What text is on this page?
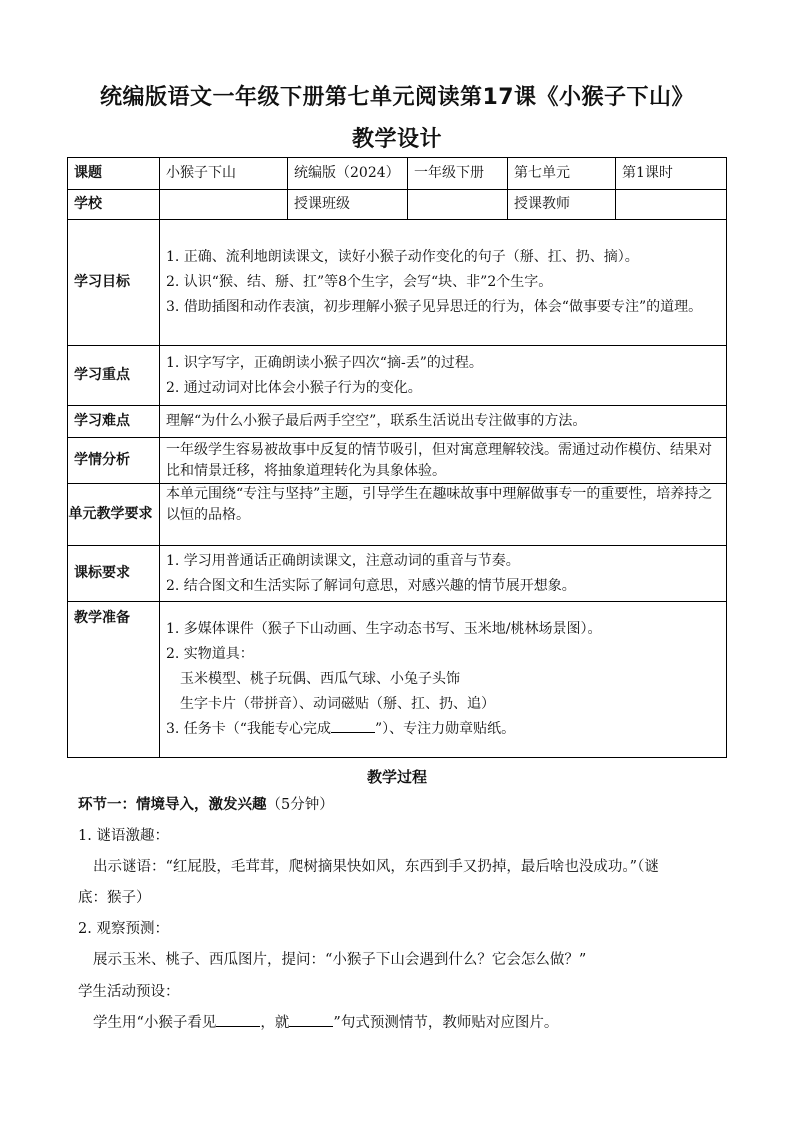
统编版语文一年级下册第七单元阅读第17课《小猴子下山》
教学设计
课题	小猴子下山	统编版（2024）	一年级下册	第七单元	第1课时
学校		授课班级		授课教师	
学习目标	1. 正确、流利地朗读课文，读好小猴子动作变化的句子（掰、扛、扔、摘）。
2. 认识“猴、结、掰、扛”等8个生字，会写“块、非”2个生字。
3. 借助插图和动作表演，初步理解小猴子见异思迁的行为，体会“做事要专注”的道理。				

学习重点	1. 识字写字，正确朗读小猴子四次“摘-丢”的过程。
2. 通过动词对比体会小猴子行为的变化。				

学习难点	理解“为什么小猴子最后两手空空”，联系生活说出专注做事的方法。				
学情分析	一年级学生容易被故事中反复的情节吸引，但对寓意理解较浅。需通过动作模仿、结果对比和情景迁移，将抽象道理转化为具象体验。				
单元教学要求	本单元围绕“专注与坚持”主题，引导学生在趣味故事中理解做事专一的重要性，培养持之以恒的品格。				
课标要求	1. 学习用普通话正确朗读课文，注意动词的重音与节奏。
2. 结合图文和生活实际了解词句意思，对感兴趣的情节展开想象。				

教学准备	1. 多媒体课件（猴子下山动画、生字动态书写、玉米地/桃林场景图）。
2. 实物道具：
玉米模型、桃子玩偶、西瓜气球、小兔子头饰
生字卡片（带拼音）、动词磁贴（掰、扛、扔、追）
3. 任务卡（“我能专心完成 ”）、专注力勋章贴纸。				
教学过程
环节一：情境导入，激发兴趣（5分钟）
1. 谜语激趣：
出示谜语：“红屁股，毛茸茸，爬树摘果快如风，东西到手又扔掉，最后啥也没成功。”（谜
底：猴子）
2. 观察预测：
展示玉米、桃子、西瓜图片，提问：“小猴子下山会遇到什么？它会怎么做？”
学生活动预设：
学生用“小猴子看见	，就	”句式预测情节，教师贴对应图片。
